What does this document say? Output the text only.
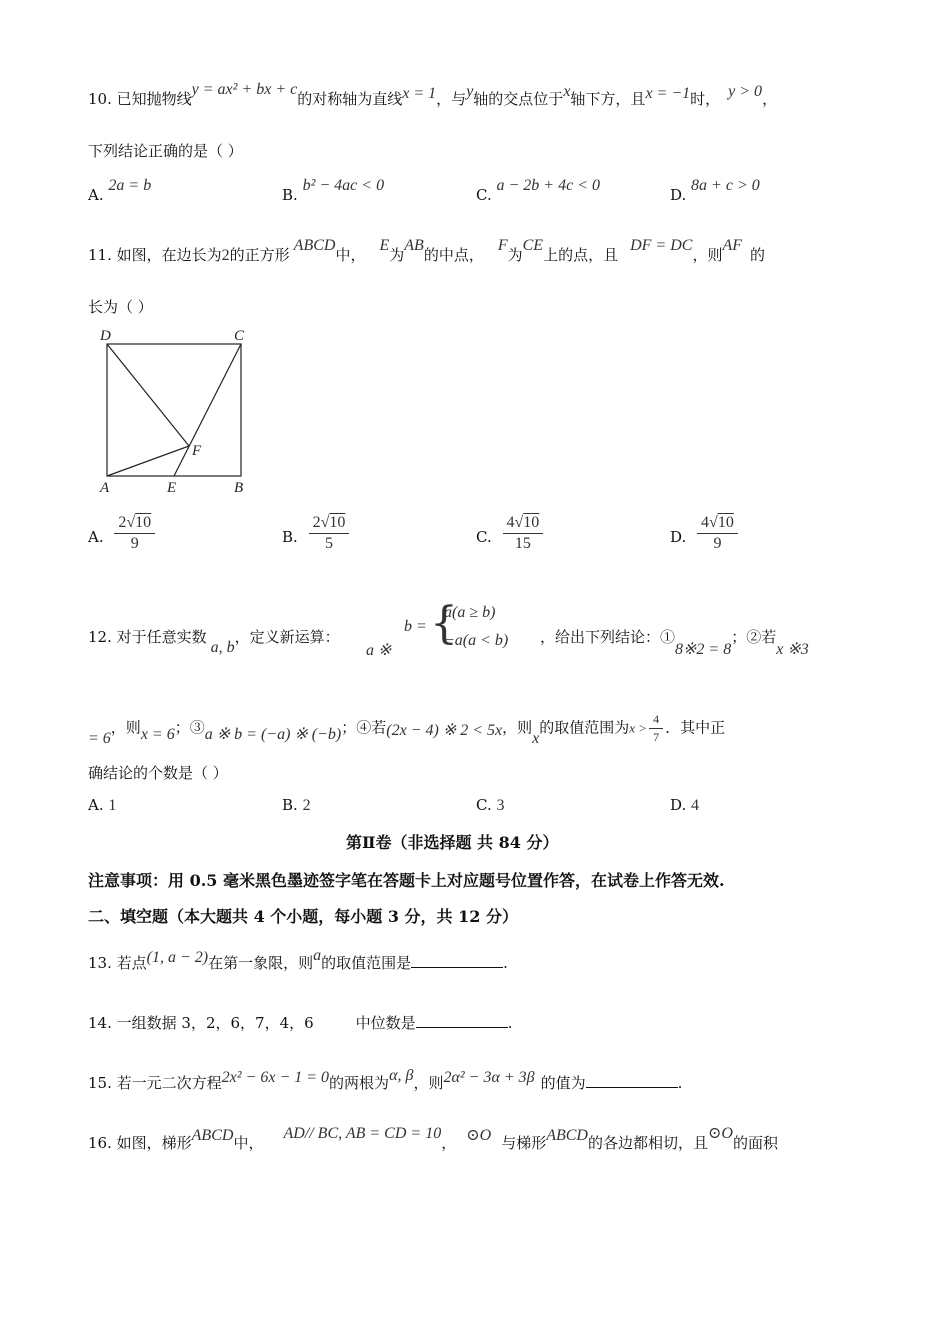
10. 已知抛物线y = ax² + bx + c的对称轴为直线x = 1，与y轴的交点位于x轴下方，且x = −1时， y > 0，
下列结论正确的是（ ）
A. 2a = b
B. b² − 4ac < 0
C. a − 2b + 4c < 0
D. 8a + c > 0
11. 如图，在边长为2的正方形ABCD中，E为AB的中点，F为CE上的点，且DF = DC，则AF的
长为（ ）
D	C
F
A	E	B
A. $\frac{2√10}{9}$	B. $\frac{2√10}{5}$	C. $\frac{4√10}{15}$	D. $\frac{4√10}{9}$
12. 对于任意实数a, b，定义新运算：
a ※
b = {
a(a ≥ b)
−a(a < b) ，给出下列结论：①8※2 = 8；②若x ※3
= 6，则x = 6；③a ※ b = (−a) ※ (−b)；④若(2x − 4) ※ 2 < 5x，则x的取值范围为$x > \frac{4}{7}$ ．其中正
确结论的个数是（ ）
A. 1	B. 2	C. 3	D. 4
第Ⅱ卷（非选择题 共 84 分）
注意事项：用 0.5 毫米黑色墨迹签字笔在答题卡上对应题号位置作答，在试卷上作答无效.
二、填空题（本大题共 4 个小题，每小题 3 分，共 12 分）
13. 若点(1, a − 2)在第一象限，则a的取值范围是	.
14. 一组数据 3，2，6，7，4，6	中位数是	.
15. 若一元二次方程2x² − 6x − 1 = 0的两根为α, β，则2α² − 3α + 3β 的值为	.
16. 如图，梯形ABCD中，AD// BC, AB = CD = 10， ⊙O 与梯形ABCD的各边都相切，且⊙O的面积
